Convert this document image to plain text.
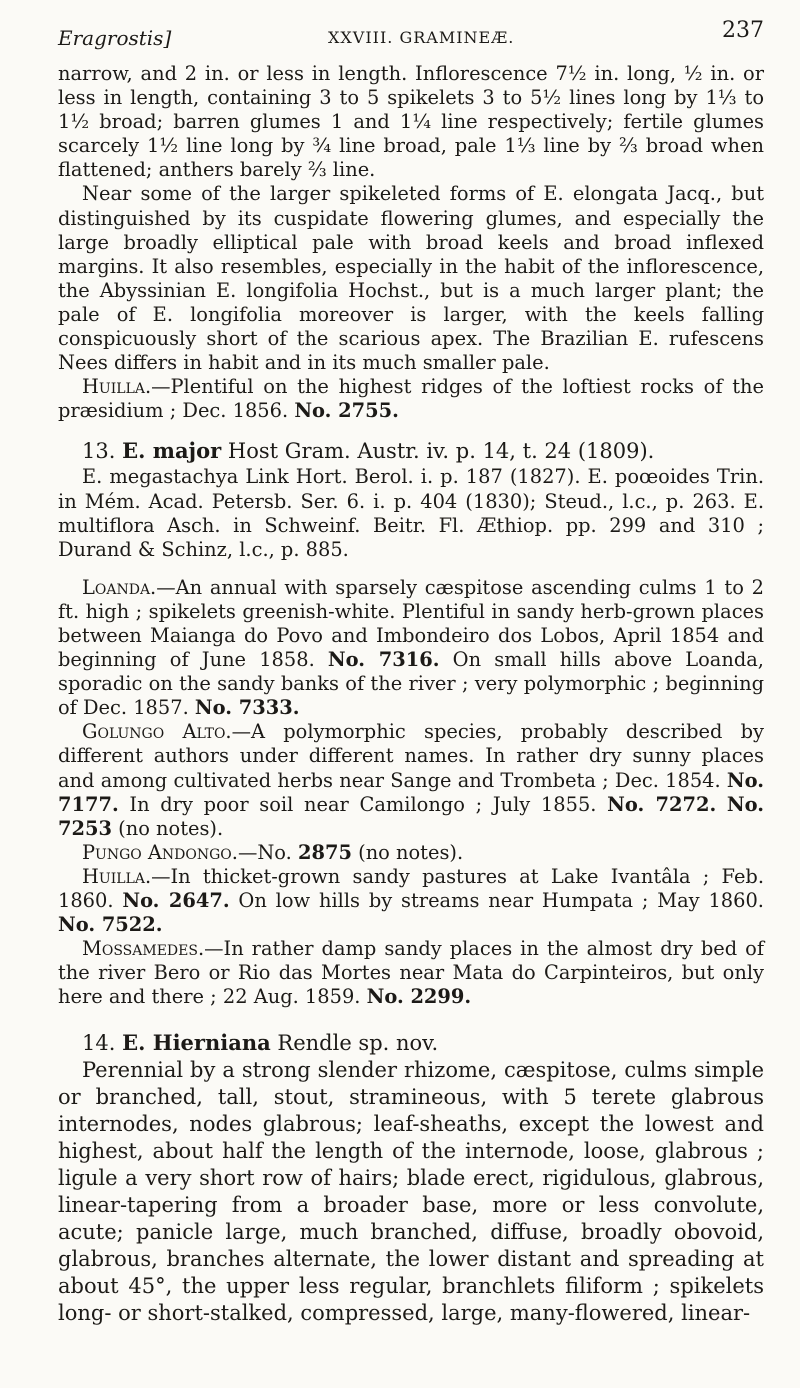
Eragrostis]	XXVIII. GRAMINEÆ.	237

narrow, and 2 in. or less in length. Inflorescence 7½ in. long, ½ in. or less in length, containing 3 to 5 spikelets 3 to 5½ lines long by 1⅓ to 1½ broad; barren glumes 1 and 1¼ line respectively; fertile glumes scarcely 1½ line long by ¾ line broad, pale 1⅓ line by ⅔ broad when flattened; anthers barely ⅔ line.

Near some of the larger spikeleted forms of E. elongata Jacq., but distinguished by its cuspidate flowering glumes, and especially the large broadly elliptical pale with broad keels and broad inflexed margins. It also resembles, especially in the habit of the inflorescence, the Abyssinian E. longifolia Hochst., but is a much larger plant; the pale of E. longifolia moreover is larger, with the keels falling conspicuously short of the scarious apex. The Brazilian E. rufescens Nees differs in habit and in its much smaller pale.

Huilla.—Plentiful on the highest ridges of the loftiest rocks of the præsidium ; Dec. 1856. No. 2755.

13. E. major Host Gram. Austr. iv. p. 14, t. 24 (1809).

E. megastachya Link Hort. Berol. i. p. 187 (1827). E. poœoides Trin. in Mém. Acad. Petersb. Ser. 6. i. p. 404 (1830); Steud., l.c., p. 263. E. multiflora Asch. in Schweinf. Beitr. Fl. Æthiop. pp. 299 and 310 ; Durand & Schinz, l.c., p. 885.

Loanda.—An annual with sparsely cæspitose ascending culms 1 to 2 ft. high ; spikelets greenish-white. Plentiful in sandy herb-grown places between Maianga do Povo and Imbondeiro dos Lobos, April 1854 and beginning of June 1858. No. 7316. On small hills above Loanda, sporadic on the sandy banks of the river ; very polymorphic ; beginning of Dec. 1857. No. 7333.

Golungo Alto.—A polymorphic species, probably described by different authors under different names. In rather dry sunny places and among cultivated herbs near Sange and Trombeta ; Dec. 1854. No. 7177. In dry poor soil near Camilongo ; July 1855. No. 7272. No. 7253 (no notes).

Pungo Andongo.—No. 2875 (no notes).

Huilla.—In thicket-grown sandy pastures at Lake Ivantâla ; Feb. 1860. No. 2647. On low hills by streams near Humpata ; May 1860. No. 7522.

Mossamedes.—In rather damp sandy places in the almost dry bed of the river Bero or Rio das Mortes near Mata do Carpinteiros, but only here and there ; 22 Aug. 1859. No. 2299.

14. E. Hierniana Rendle sp. nov.

Perennial by a strong slender rhizome, cæspitose, culms simple or branched, tall, stout, stramineous, with 5 terete glabrous internodes, nodes glabrous; leaf-sheaths, except the lowest and highest, about half the length of the internode, loose, glabrous ; ligule a very short row of hairs; blade erect, rigidulous, glabrous, linear-tapering from a broader base, more or less convolute, acute; panicle large, much branched, diffuse, broadly obovoid, glabrous, branches alternate, the lower distant and spreading at about 45°, the upper less regular, branchlets filiform ; spikelets long- or short-stalked, compressed, large, many-flowered, linear-
